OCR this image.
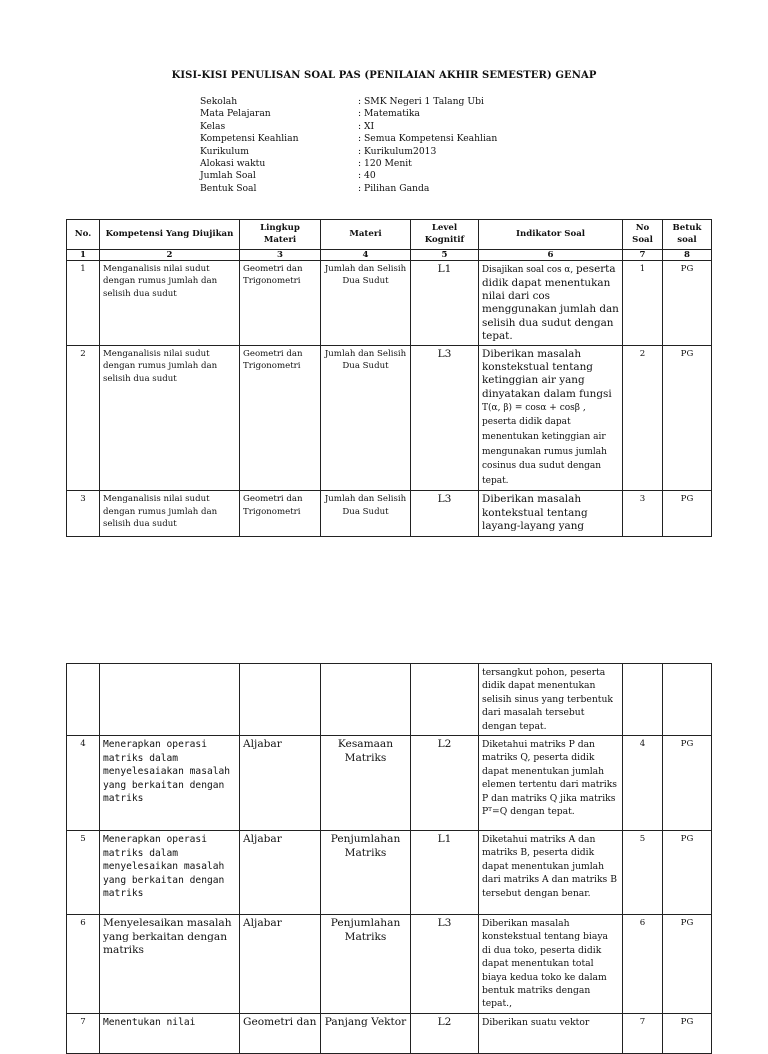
KISI-KISI PENULISAN SOAL PAS (PENILAIAN AKHIR SEMESTER) GENAP
Sekolah	: SMK Negeri 1 Talang Ubi
Mata Pelajaran	: Matematika
Kelas	: XI
Kompetensi Keahlian	: Semua Kompetensi Keahlian
Kurikulum	: Kurikulum2013
Alokasi waktu	: 120 Menit
Jumlah Soal	: 40
Bentuk Soal	: Pilihan Ganda
No.	Kompetensi Yang Diujikan	Lingkup Materi	Materi	Level Kognitif	Indikator Soal	No Soal	Betuk soal
1	2	3	4	5	6	7	8
1	Menganalisis nilai sudut dengan rumus jumlah dan selisih dua sudut	Geometri dan Trigonometri	Jumlah dan Selisih Dua Sudut	L1	Disajikan soal cos α, peserta didik dapat menentukan nilai dari cos menggunakan jumlah dan selisih dua sudut dengan tepat.	1	PG
2	Menganalisis nilai sudut dengan rumus jumlah dan selisih dua sudut	Geometri dan Trigonometri	Jumlah dan Selisih Dua Sudut	L3	Diberikan masalah konstekstual tentang ketinggian air yang dinyatakan dalam fungsi T(α, β) = cosα + cosβ , peserta didik dapat menentukan ketinggian air mengunakan rumus jumlah cosinus dua sudut dengan tepat.	2	PG
3	Menganalisis nilai sudut dengan rumus jumlah dan selisih dua sudut	Geometri dan Trigonometri	Jumlah dan Selisih Dua Sudut	L3	Diberikan masalah kontekstual tentang layang-layang yang	3	PG
					tersangkut pohon, peserta didik dapat menentukan selisih sinus yang terbentuk dari masalah tersebut dengan tepat.		
4	Menerapkan operasi matriks dalam menyelesaiakan masalah yang berkaitan dengan matriks	Aljabar	Kesamaan Matriks	L2	Diketahui matriks P dan matriks Q, peserta didik dapat menentukan jumlah elemen tertentu dari matriks P dan matriks Q jika matriks Pᵀ=Q dengan tepat.	4	PG
5	Menerapkan operasi matriks dalam menyelesaikan masalah yang berkaitan dengan matriks	Aljabar	Penjumlahan Matriks	L1	Diketahui matriks A dan matriks B, peserta didik dapat menentukan jumlah dari matriks A dan matriks B tersebut dengan benar.	5	PG
6	Menyelesaikan masalah yang berkaitan dengan matriks	Aljabar	Penjumlahan Matriks	L3	Diberikan masalah konstekstual tentang biaya di dua toko, peserta didik dapat menentukan total biaya kedua toko ke dalam bentuk matriks dengan tepat.,	6	PG
7	Menentukan nilai	Geometri dan	Panjang Vektor	L2	Diberikan suatu vektor	7	PG
